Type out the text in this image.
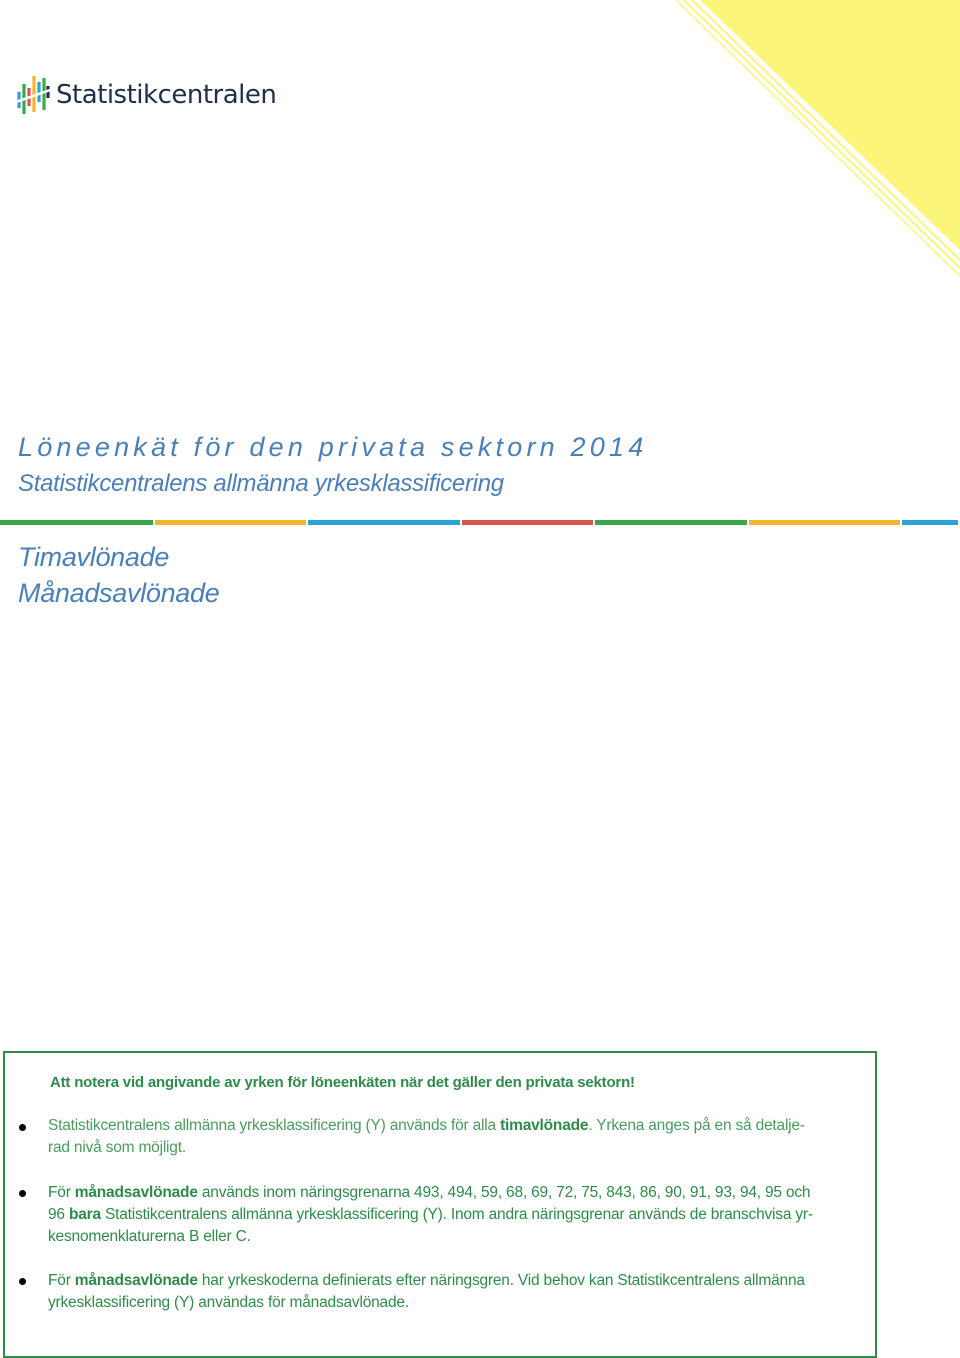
Statistikcentralen
Löneenkät för den privata sektorn 2014
Statistikcentralens allmänna yrkesklassificering
Timavlönade
Månadsavlönade
Att notera vid angivande av yrken för löneenkäten när det gäller den privata sektorn!
Statistikcentralens allmänna yrkesklassificering (Y) används för alla timavlönade. Yrkena anges på en så detalje-
rad nivå som möjligt.
För månadsavlönade används inom näringsgrenarna 493, 494, 59, 68, 69, 72, 75, 843, 86, 90, 91, 93, 94, 95 och
96 bara Statistikcentralens allmänna yrkesklassificering (Y). Inom andra näringsgrenar används de branschvisa yr-
kesnomenklaturerna B eller C.
För månadsavlönade har yrkeskoderna definierats efter näringsgren. Vid behov kan Statistikcentralens allmänna
yrkesklassificering (Y) användas för månadsavlönade.
